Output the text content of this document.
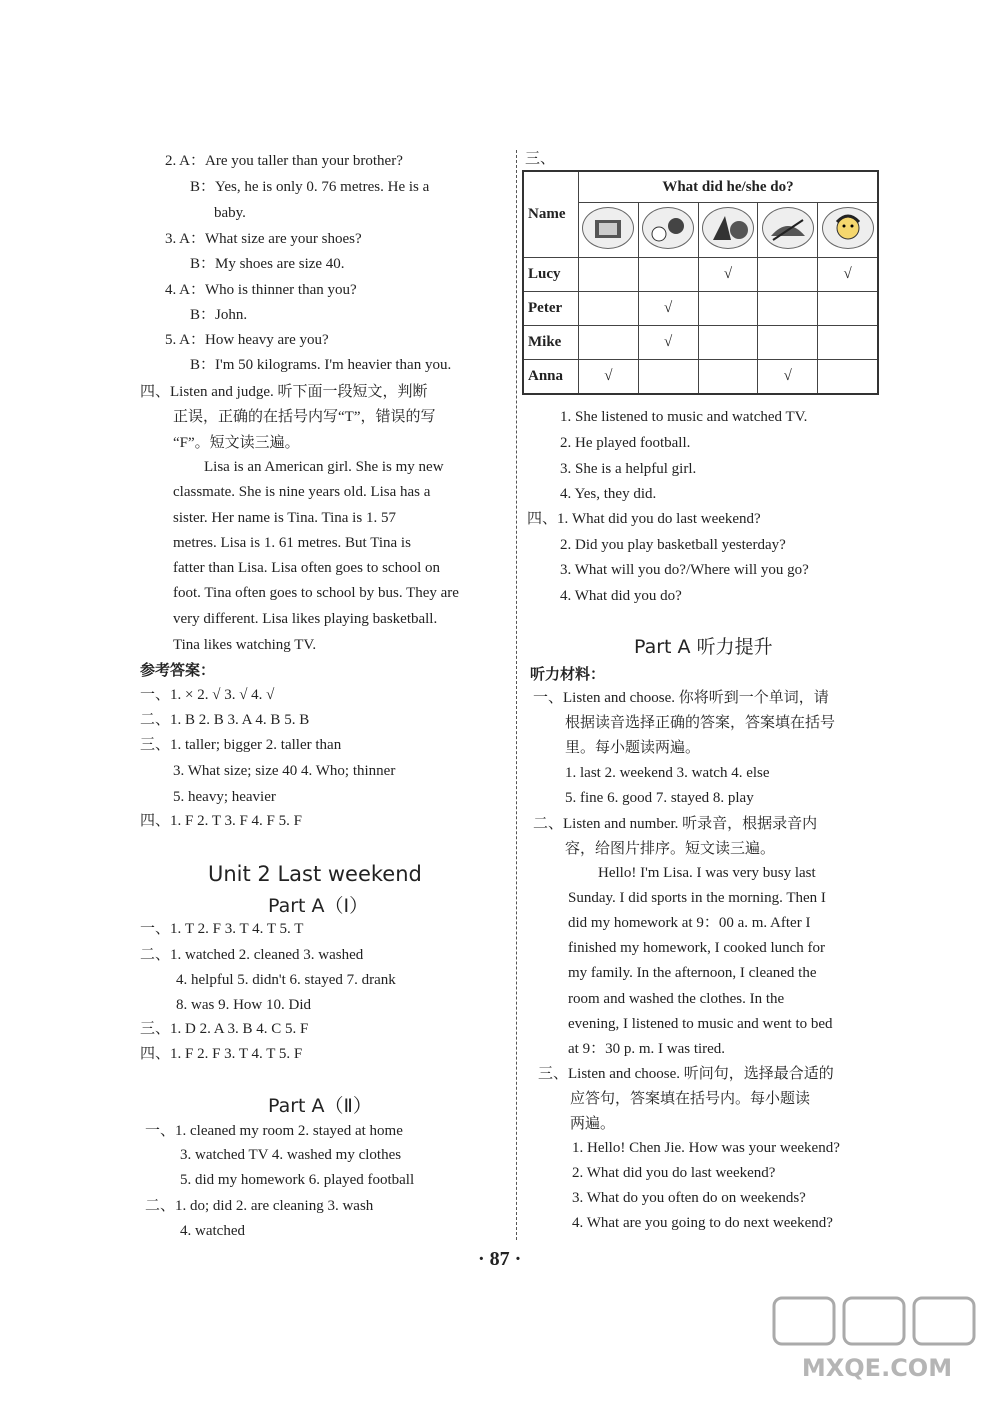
2. A：Are you taller than your brother?
B：Yes, he is only 0. 76 metres. He is a
baby.
3. A：What size are your shoes?
B：My shoes are size 40.
4. A：Who is thinner than you?
B：John.
5. A：How heavy are you?
B：I'm 50 kilograms. I'm heavier than you.
四、Listen and judge. 听下面一段短文，判断
正误，正确的在括号内写“T”，错误的写
“F”。短文读三遍。
Lisa is an American girl. She is my new
classmate. She is nine years old. Lisa has a
sister. Her name is Tina. Tina is 1. 57
metres. Lisa is 1. 61 metres. But Tina is
fatter than Lisa. Lisa often goes to school on
foot. Tina often goes to school by bus. They are
very different. Lisa likes playing basketball.
Tina likes watching TV.
参考答案：
一、1. × 2. √ 3. √ 4. √
二、1. B 2. B 3. A 4. B 5. B
三、1. taller; bigger 2. taller than
3. What size; size 40 4. Who; thinner
5. heavy; heavier
四、1. F 2. T 3. F 4. F 5. F
Unit 2 Last weekend
Part A（Ⅰ）
一、1. T 2. F 3. T 4. T 5. T
二、1. watched 2. cleaned 3. washed
4. helpful 5. didn't 6. stayed 7. drank
8. was 9. How 10. Did
三、1. D 2. A 3. B 4. C 5. F
四、1. F 2. F 3. T 4. T 5. F
Part A（Ⅱ）
一、1. cleaned my room 2. stayed at home
3. watched TV 4. washed my clothes
5. did my homework 6. played football
二、1. do; did 2. are cleaning 3. wash
4. watched
三、
Name	What did he/she do?				

Lucy			√		√
Peter		√			
Mike		√			
Anna	√			√	
1. She listened to music and watched TV.
2. He played football.
3. She is a helpful girl.
4. Yes, they did.
四、1. What did you do last weekend?
2. Did you play basketball yesterday?
3. What will you do?/Where will you go?
4. What did you do?
Part A 听力提升
听力材料：
一、Listen and choose. 你将听到一个单词，请
根据读音选择正确的答案，答案填在括号
里。每小题读两遍。
1. last 2. weekend 3. watch 4. else
5. fine 6. good 7. stayed 8. play
二、Listen and number. 听录音，根据录音内
容，给图片排序。短文读三遍。
Hello! I'm Lisa. I was very busy last
Sunday. I did sports in the morning. Then I
did my homework at 9：00 a. m. After I
finished my homework, I cooked lunch for
my family. In the afternoon, I cleaned the
room and washed the clothes. In the
evening, I listened to music and went to bed
at 9：30 p. m. I was tired.
三、Listen and choose. 听问句，选择最合适的
应答句，答案填在括号内。每小题读
两遍。
1. Hello! Chen Jie. How was your weekend?
2. What did you do last weekend?
3. What do you often do on weekends?
4. What are you going to do next weekend?
· 87 ·
MXQE.COM
